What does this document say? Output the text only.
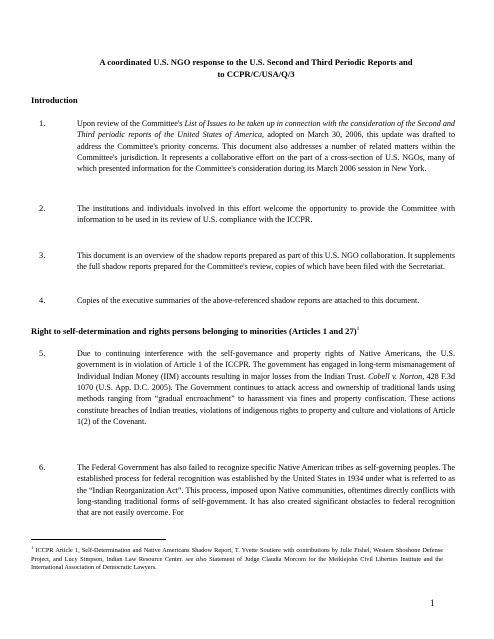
A coordinated U.S. NGO response to the U.S. Second and Third Periodic Reports and
to CCPR/C/USA/Q/3
Introduction
1.	Upon review of the Committee's List of Issues to be taken up in connection with the consideration of the Second and Third periodic reports of the United States of America, adopted on March 30, 2006, this update was drafted to address the Committee's priority concerns. This document also addresses a number of related matters within the Committee's jurisdiction. It represents a collaborative effort on the part of a cross-section of U.S. NGOs, many of which presented information for the Committee's consideration during its March 2006 session in New York.
2.	The institutions and individuals involved in this effort welcome the opportunity to provide the Committee with information to be used in its review of U.S. compliance with the ICCPR.
3.	This document is an overview of the shadow reports prepared as part of this U.S. NGO collaboration. It supplements the full shadow reports prepared for the Committee's review, copies of which have been filed with the Secretariat.
4.	Copies of the executive summaries of the above-referenced shadow reports are attached to this document.
Right to self-determination and rights persons belonging to minorities (Articles 1 and 27)$^1$
5.	Due to continuing interference with the self-governance and property rights of Native Americans, the U.S. government is in violation of Article 1 of the ICCPR. The government has engaged in long-term mismanagement of Individual Indian Money (IIM) accounts resulting in major losses from the Indian Trust. Cobell v. Norton, 428 F.3d 1070 (U.S. App. D.C. 2005). The Government continues to attack access and ownership of traditional lands using methods ranging from “gradual encroachment” to harassment via fines and property confiscation. These actions constitute breaches of Indian treaties, violations of indigenous rights to property and culture and violations of Article 1(2) of the Covenant.
6.	The Federal Government has also failed to recognize specific Native American tribes as self-governing peoples. The established process for federal recognition was established by the United States in 1934 under what is referred to as the “Indian Reorganization Act”. This process, imposed upon Native communities, oftentimes directly conflicts with long-standing traditional forms of self-government. It has also created significant obstacles to federal recognition that are not easily overcome. For
$^1$ ICCPR Article 1, Self-Determination and Native Americans Shadow Report, T. Yvette Soutiere with contributions by Julie Fishel, Western Shoshone Defense Project, and Lucy Simpson, Indian Law Resource Center. see also Statement of Judge Claudia Morcom for the Meiklejohn Civil Liberties Institute and the International Association of Democratic Lawyers.
1
